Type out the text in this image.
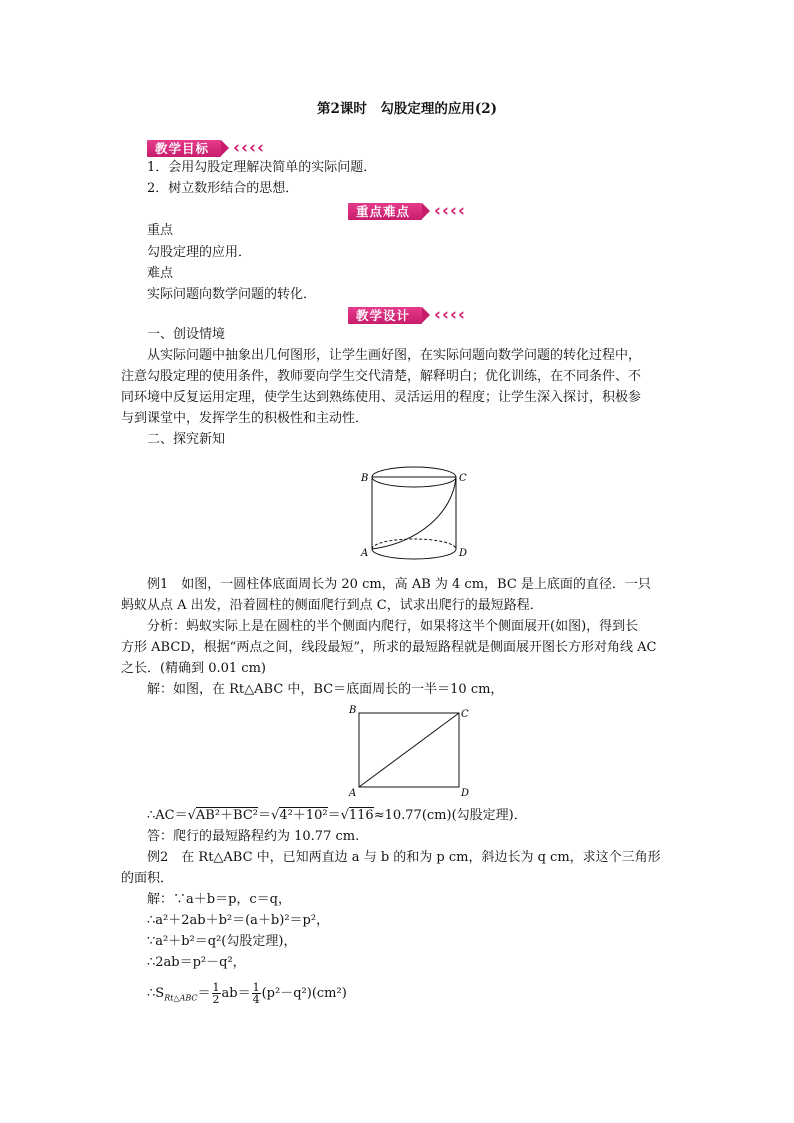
第2课时　勾股定理的应用(2)
教学目标	‹‹‹‹
1．会用勾股定理解决简单的实际问题．
2．树立数形结合的思想．
重点难点	‹‹‹‹
重点
勾股定理的应用．
难点
实际问题向数学问题的转化．
教学设计	‹‹‹‹
一、创设情境
从实际问题中抽象出几何图形，让学生画好图，在实际问题向数学问题的转化过程中，
注意勾股定理的使用条件，教师要向学生交代清楚，解释明白；优化训练，在不同条件、不
同环境中反复运用定理，使学生达到熟练使用、灵活运用的程度；让学生深入探讨，积极参
与到课堂中，发挥学生的积极性和主动性．
二、探究新知
B	C
A	D
例1　如图，一圆柱体底面周长为 20 cm，高 AB 为 4 cm，BC 是上底面的直径．一只
蚂蚁从点 A 出发，沿着圆柱的侧面爬行到点 C，试求出爬行的最短路程．
分析：蚂蚁实际上是在圆柱的半个侧面内爬行，如果将这半个侧面展开(如图)，得到长
方形 ABCD，根据“两点之间，线段最短”，所求的最短路程就是侧面展开图长方形对角线 AC
之长．(精确到 0.01 cm)
解：如图，在 Rt△ABC 中，BC＝底面周长的一半＝10 cm，
B	C
A	D
∴AC＝√AB²＋BC²＝√4²＋10²＝√116≈10.77(cm)(勾股定理)．
答：爬行的最短路程约为 10.77 cm.
例2　在 Rt△ABC 中，已知两直边 a 与 b 的和为 p cm，斜边长为 q cm，求这个三角形
的面积．
解：∵a＋b＝p，c＝q，
∴a²＋2ab＋b²＝(a＋b)²＝p²，
∵a²＋b²＝q²(勾股定理)，
∴2ab＝p²－q²，
$\therefore S_{Rt\triangle ABC}= \frac{1}{2} ab= \frac{1}{4} (p^2-q^2)(cm^2)$
